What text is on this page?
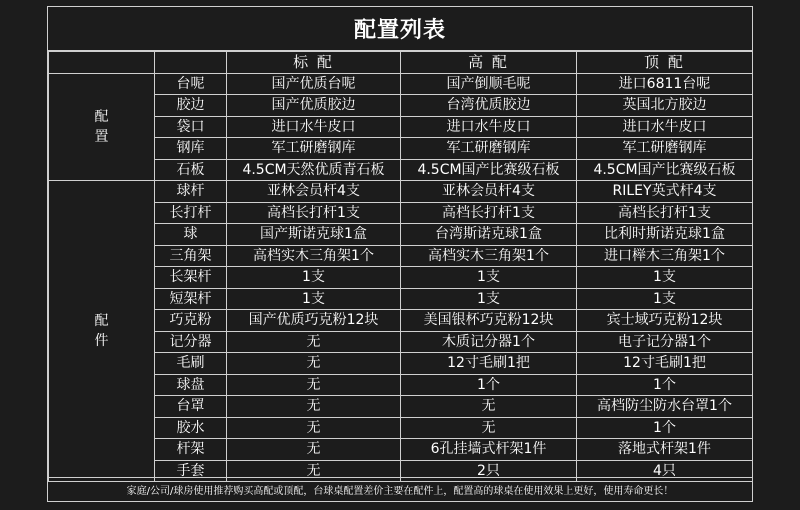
配置列表
		标 配	高 配	顶 配

配
置	台呢	国产优质台呢	国产倒顺毛呢	进口6811台呢
	胶边	国产优质胶边	台湾优质胶边	英国北方胶边
	袋口	进口水牛皮口	进口水牛皮口	进口水牛皮口
	钢库	军工研磨钢库	军工研磨钢库	军工研磨钢库
	石板	4.5CM天然优质青石板	4.5CM国产比赛级石板	4.5CM国产比赛级石板

配
件	球杆	亚林会员杆4支	亚林会员杆4支	RILEY英式杆4支
	长打杆	高档长打杆1支	高档长打杆1支	高档长打杆1支
	球	国产斯诺克球1盒	台湾斯诺克球1盒	比利时斯诺克球1盒
	三角架	高档实木三角架1个	高档实木三角架1个	进口榉木三角架1个
	长架杆	1支	1支	1支
	短架杆	1支	1支	1支
	巧克粉	国产优质巧克粉12块	美国银杯巧克粉12块	宾士域巧克粉12块
	记分器	无	木质记分器1个	电子记分器1个
	毛刷	无	12寸毛刷1把	12寸毛刷1把
	球盘	无	1个	1个
	台罩	无	无	高档防尘防水台罩1个
	胶水	无	无	1个
	杆架	无	6孔挂墙式杆架1件	落地式杆架1件
	手套	无	2只	4只
家庭/公司/球房使用推荐购买高配或顶配，台球桌配置差价主要在配件上，配置高的球桌在使用效果上更好，使用寿命更长！
